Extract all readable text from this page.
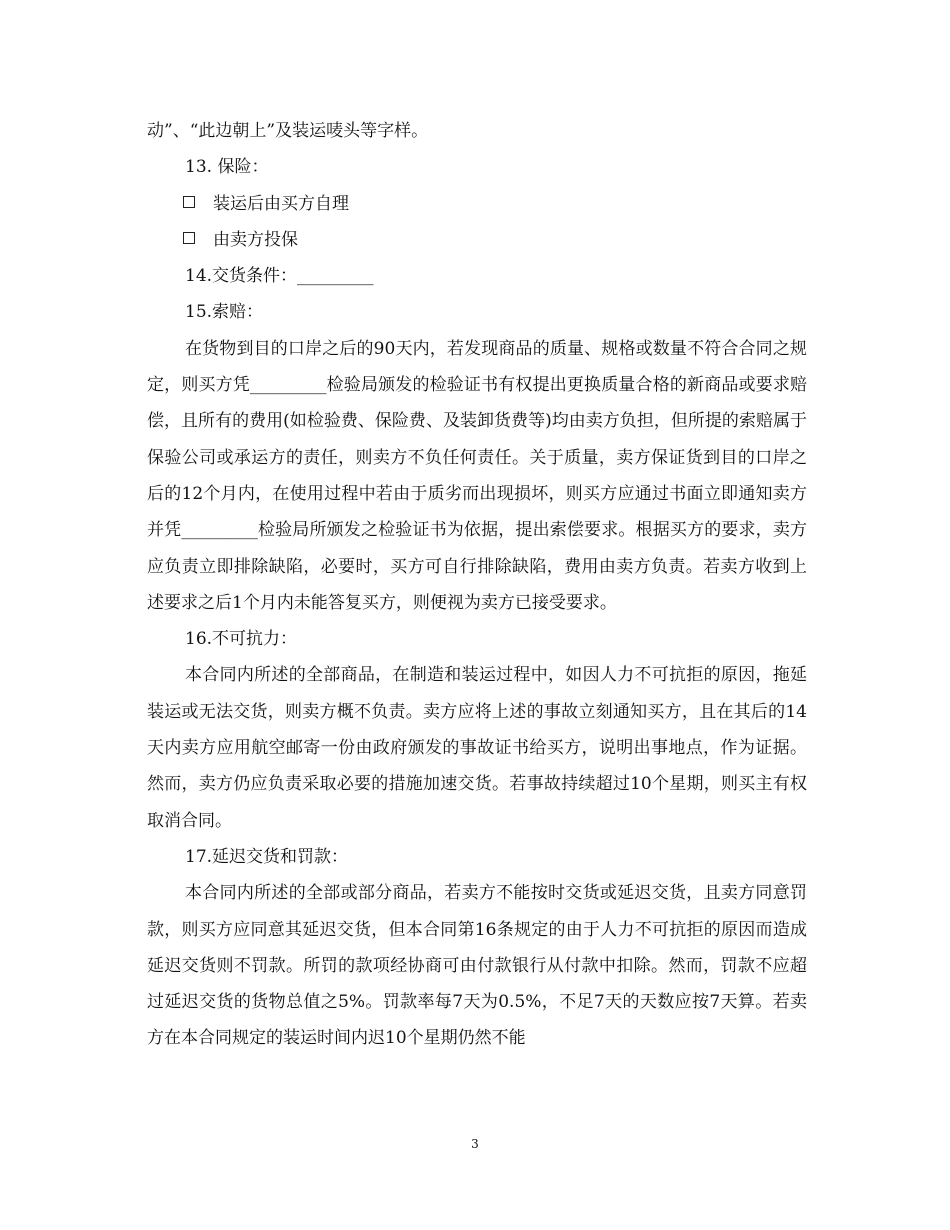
动”、“此边朝上”及装运唛头等字样。

13. 保险：

装运后由买方自理

由卖方投保

14.交货条件：_________

15.索赔：

在货物到目的口岸之后的90天内，若发现商品的质量、规格或数量不符合合同之规定，则买方凭_________检验局颁发的检验证书有权提出更换质量合格的新商品或要求赔偿，且所有的费用(如检验费、保险费、及装卸货费等)均由卖方负担，但所提的索赔属于保验公司或承运方的责任，则卖方不负任何责任。关于质量，卖方保证货到目的口岸之后的12个月内，在使用过程中若由于质劣而出现损坏，则买方应通过书面立即通知卖方并凭_________检验局所颁发之检验证书为依据，提出索偿要求。根据买方的要求，卖方应负责立即排除缺陷，必要时，买方可自行排除缺陷，费用由卖方负责。若卖方收到上述要求之后1个月内未能答复买方，则便视为卖方已接受要求。

16.不可抗力：

本合同内所述的全部商品，在制造和装运过程中，如因人力不可抗拒的原因，拖延装运或无法交货，则卖方概不负责。卖方应将上述的事故立刻通知买方，且在其后的14天内卖方应用航空邮寄一份由政府颁发的事故证书给买方，说明出事地点，作为证据。然而，卖方仍应负责采取必要的措施加速交货。若事故持续超过10个星期，则买主有权取消合同。

17.延迟交货和罚款：

本合同内所述的全部或部分商品，若卖方不能按时交货或延迟交货，且卖方同意罚款，则买方应同意其延迟交货，但本合同第16条规定的由于人力不可抗拒的原因而造成延迟交货则不罚款。所罚的款项经协商可由付款银行从付款中扣除。然而，罚款不应超过延迟交货的货物总值之5%。罚款率每7天为0.5%，不足7天的天数应按7天算。若卖方在本合同规定的装运时间内迟10个星期仍然不能

3
